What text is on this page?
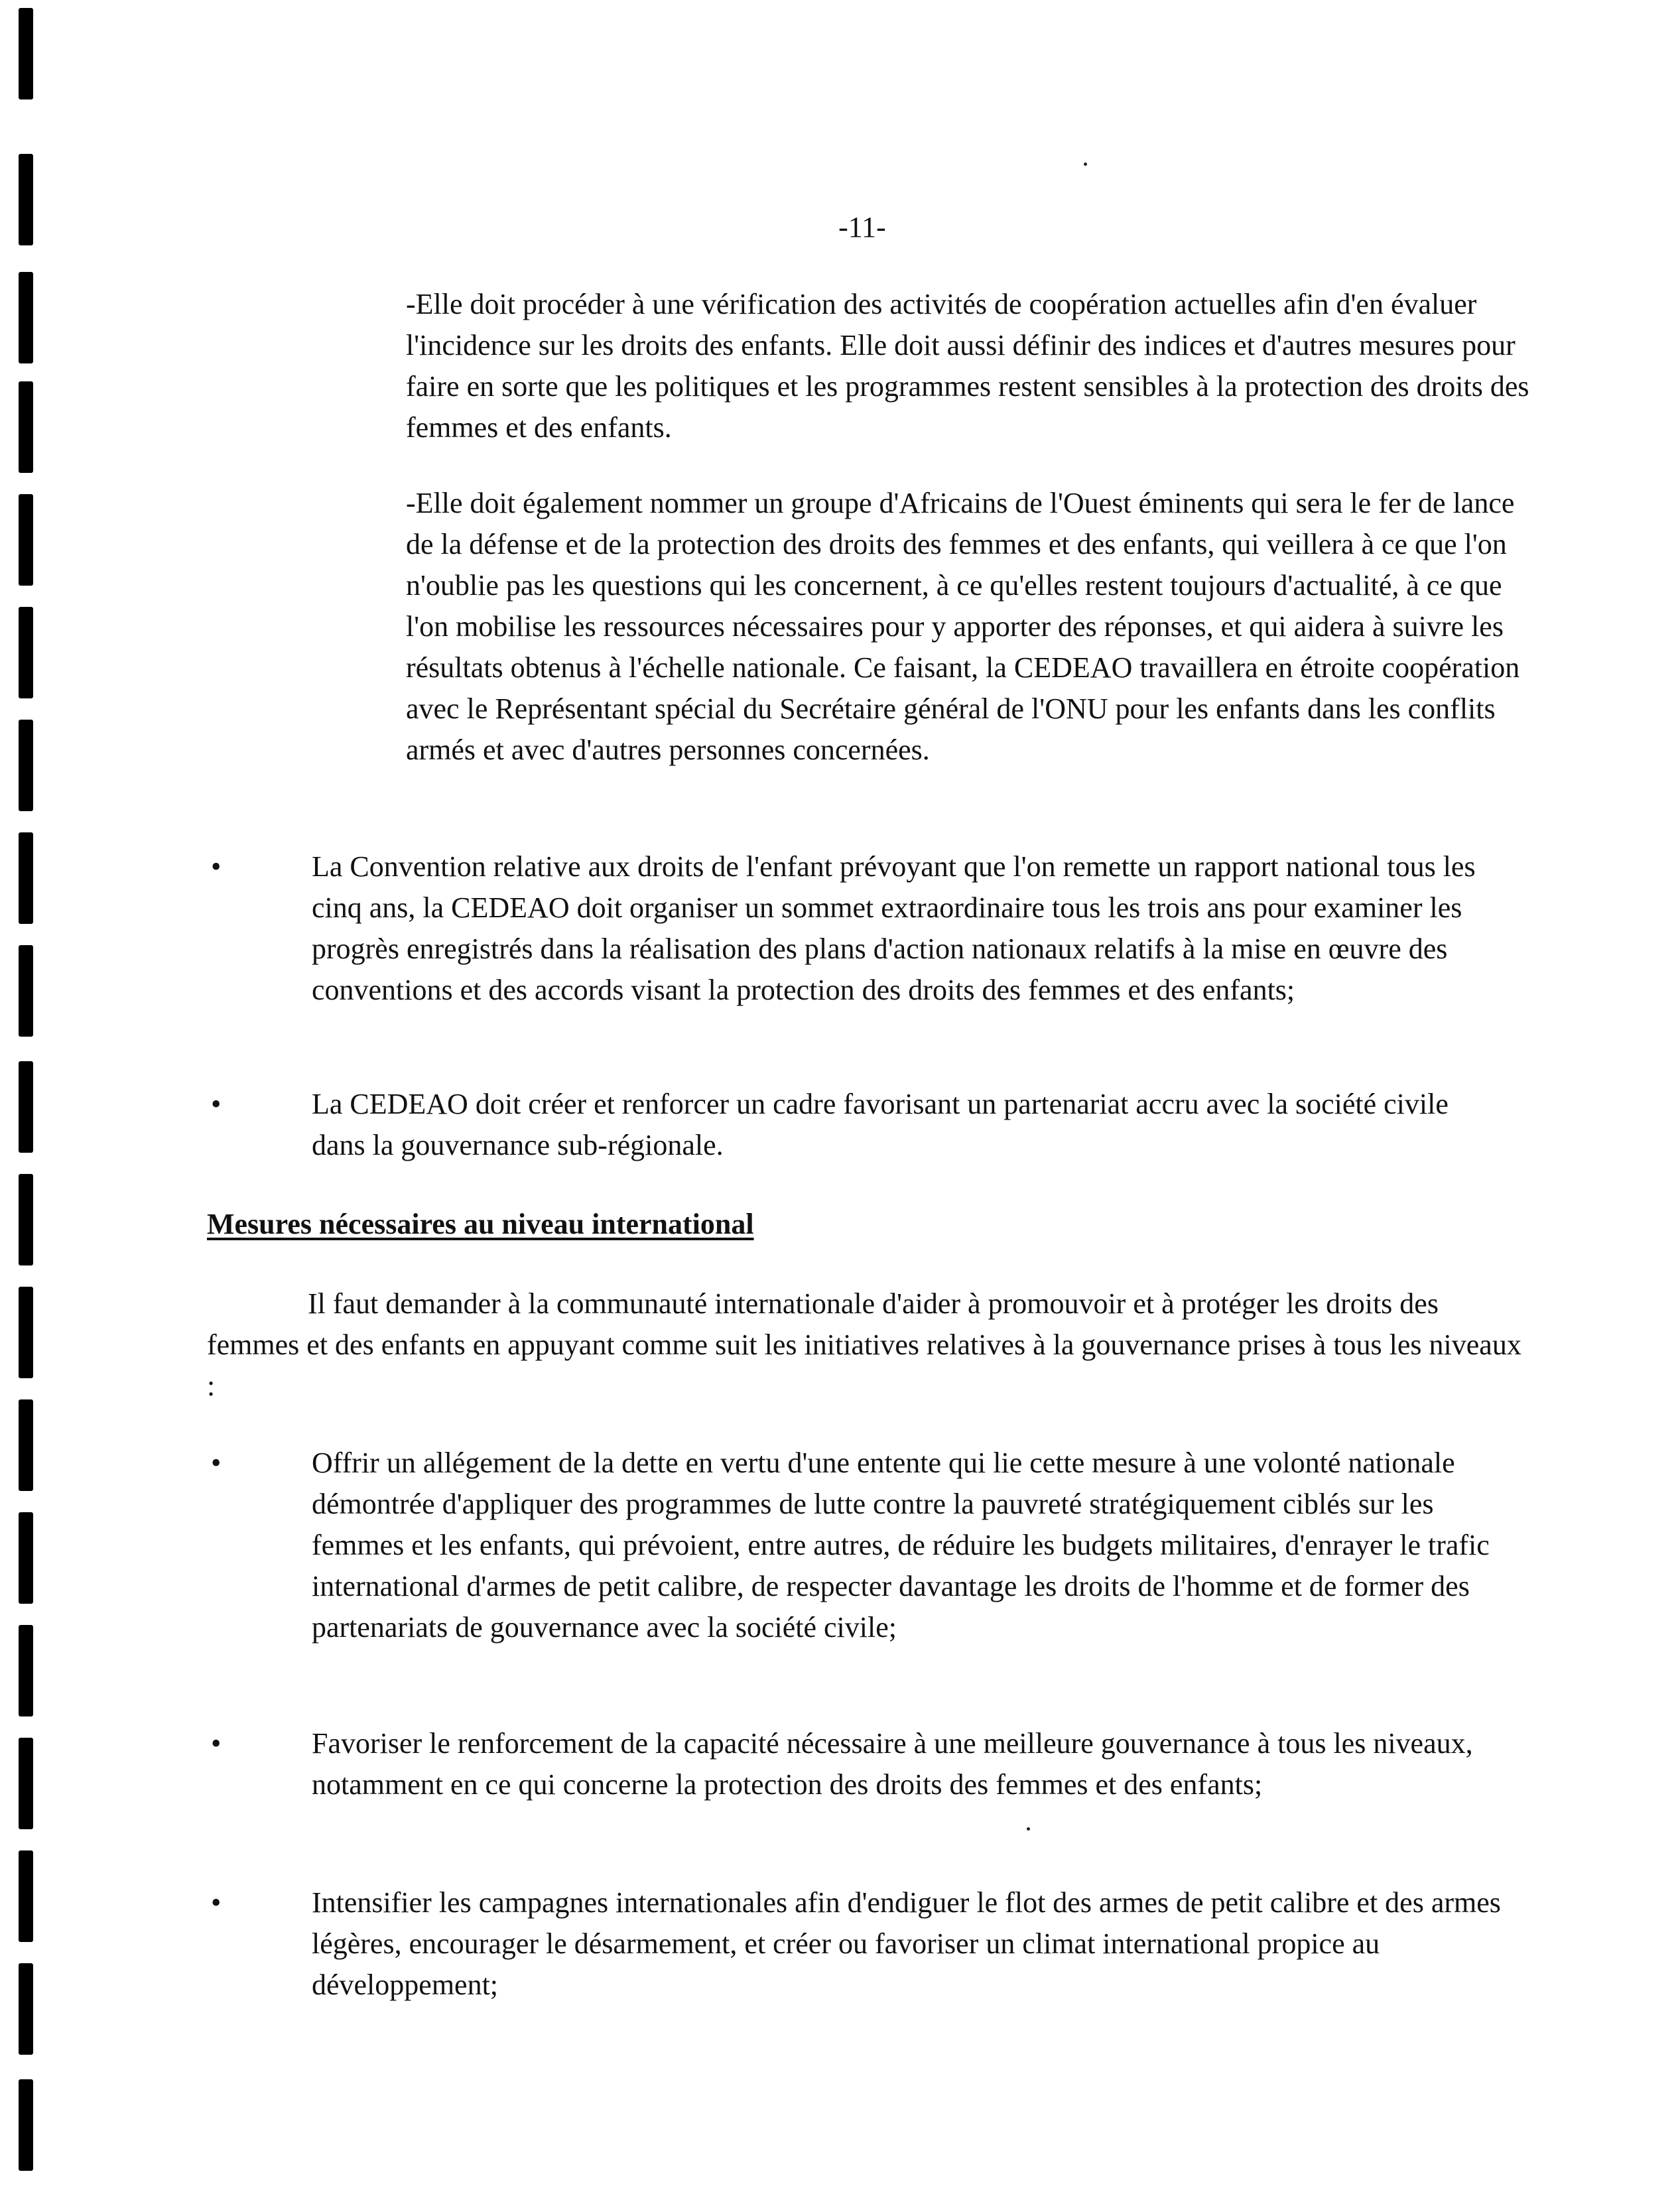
-11-

-Elle doit procéder à une vérification des activités de coopération actuelles afin d'en évaluer l'incidence sur les droits des enfants. Elle doit aussi définir des indices et d'autres mesures pour faire en sorte que les politiques et les programmes restent sensibles à la protection des droits des femmes et des enfants.

-Elle doit également nommer un groupe d'Africains de l'Ouest éminents qui sera le fer de lance de la défense et de la protection des droits des femmes et des enfants, qui veillera à ce que l'on n'oublie pas les questions qui les concernent, à ce qu'elles restent toujours d'actualité, à ce que l'on mobilise les ressources nécessaires pour y apporter des réponses, et qui aidera à suivre les résultats obtenus à l'échelle nationale. Ce faisant, la CEDEAO travaillera en étroite coopération avec le Représentant spécial du Secrétaire général de l'ONU pour les enfants dans les conflits armés et avec d'autres personnes concernées.

•	La Convention relative aux droits de l'enfant prévoyant que l'on remette un rapport national tous les cinq ans, la CEDEAO doit organiser un sommet extraordinaire tous les trois ans pour examiner les progrès enregistrés dans la réalisation des plans d'action nationaux relatifs à la mise en œuvre des conventions et des accords visant la protection des droits des femmes et des enfants;

•	La CEDEAO doit créer et renforcer un cadre favorisant un partenariat accru avec la société civile dans la gouvernance sub-régionale.

Mesures nécessaires au niveau international

Il faut demander à la communauté internationale d'aider à promouvoir et à protéger les droits des femmes et des enfants en appuyant comme suit les initiatives relatives à la gouvernance prises à tous les niveaux :

•	Offrir un allégement de la dette en vertu d'une entente qui lie cette mesure à une volonté nationale démontrée d'appliquer des programmes de lutte contre la pauvreté stratégiquement ciblés sur les femmes et les enfants, qui prévoient, entre autres, de réduire les budgets militaires, d'enrayer le trafic international d'armes de petit calibre, de respecter davantage les droits de l'homme et de former des partenariats de gouvernance avec la société civile;

•	Favoriser le renforcement de la capacité nécessaire à une meilleure gouvernance à tous les niveaux, notamment en ce qui concerne la protection des droits des femmes et des enfants;

•	Intensifier les campagnes internationales afin d'endiguer le flot des armes de petit calibre et des armes légères, encourager le désarmement, et créer ou favoriser un climat international propice au développement;
